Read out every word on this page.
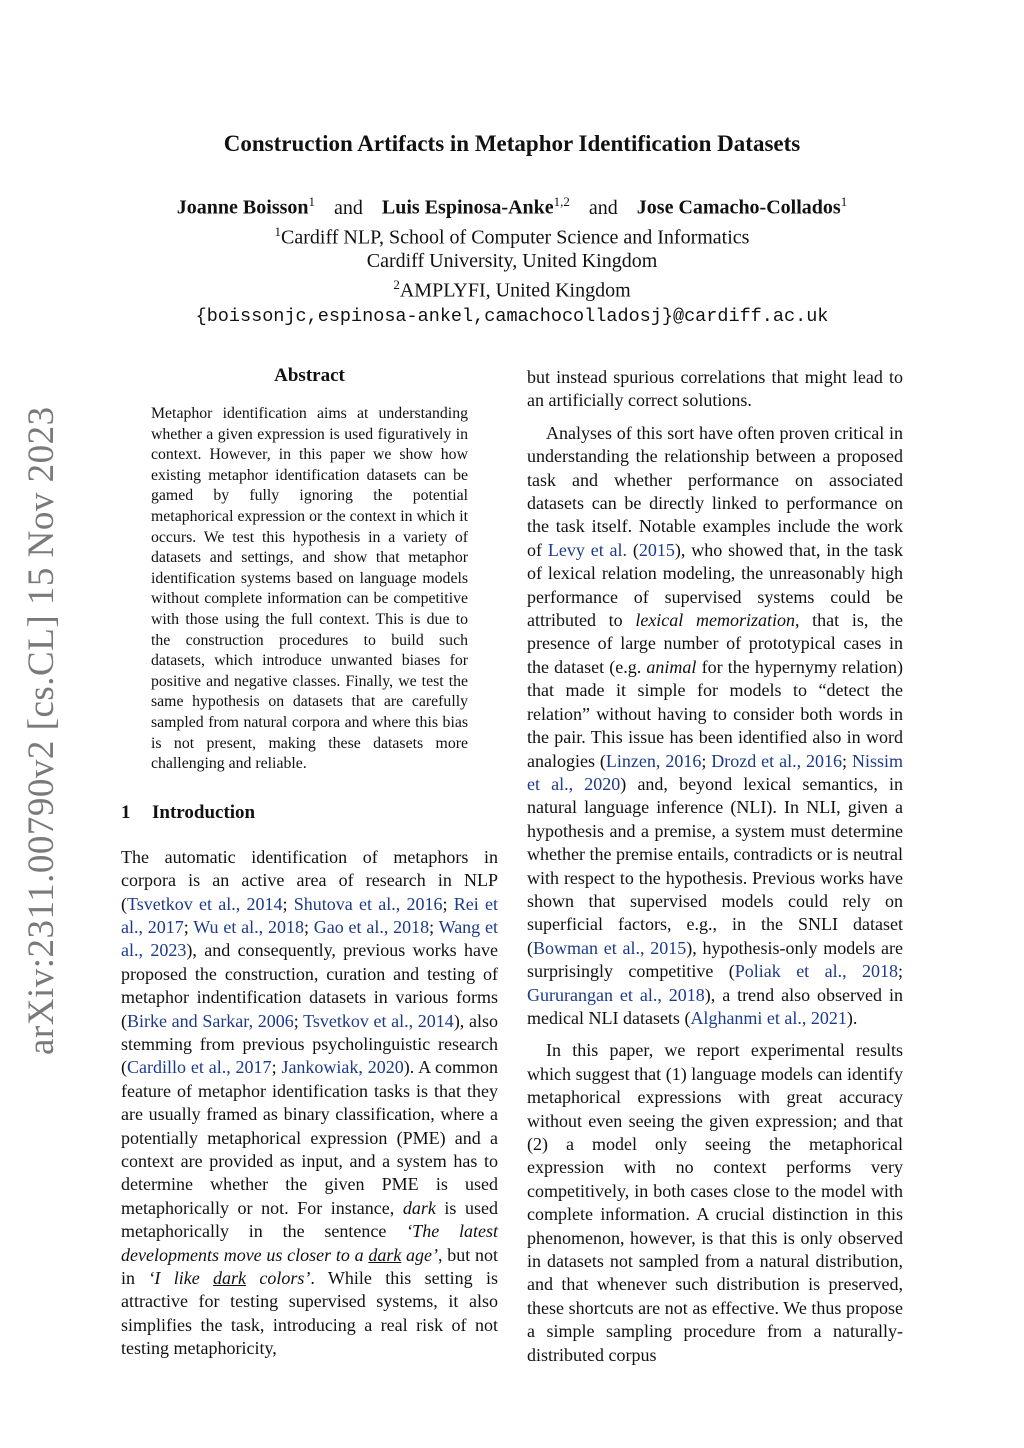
arXiv:2311.00790v2 [cs.CL] 15 Nov 2023
Construction Artifacts in Metaphor Identification Datasets
Joanne Boisson$^1$ and Luis Espinosa-Anke$^{1,2}$ and Jose Camacho-Collados$^1$
$^1$Cardiff NLP, School of Computer Science and Informatics
Cardiff University, United Kingdom
$^2$AMPLYFI, United Kingdom
{boissonjc,espinosa-ankel,camachocolladosj}@cardiff.ac.uk
Abstract
Metaphor identification aims at understanding whether a given expression is used figuratively in context. However, in this paper we show how existing metaphor identification datasets can be gamed by fully ignoring the potential metaphorical expression or the context in which it occurs. We test this hypothesis in a variety of datasets and settings, and show that metaphor identification systems based on language models without complete information can be competitive with those using the full context. This is due to the construction procedures to build such datasets, which introduce unwanted biases for positive and negative classes. Finally, we test the same hypothesis on datasets that are carefully sampled from natural corpora and where this bias is not present, making these datasets more challenging and reliable.
1 Introduction

The automatic identification of metaphors in corpora is an active area of research in NLP (Tsvetkov et al., 2014; Shutova et al., 2016; Rei et al., 2017; Wu et al., 2018; Gao et al., 2018; Wang et al., 2023), and consequently, previous works have proposed the construction, curation and testing of metaphor indentification datasets in various forms (Birke and Sarkar, 2006; Tsvetkov et al., 2014), also stemming from previous psycholinguistic research (Cardillo et al., 2017; Jankowiak, 2020). A common feature of metaphor identification tasks is that they are usually framed as binary classification, where a potentially metaphorical expression (PME) and a context are provided as input, and a system has to determine whether the given PME is used metaphorically or not. For instance, dark is used metaphorically in the sentence ‘The latest developments move us closer to a dark age’, but not in ‘I like dark colors’. While this setting is attractive for testing supervised systems, it also simplifies the task, introducing a real risk of not testing metaphoricity,

but instead spurious correlations that might lead to an artificially correct solutions.

Analyses of this sort have often proven critical in understanding the relationship between a proposed task and whether performance on associated datasets can be directly linked to performance on the task itself. Notable examples include the work of Levy et al. (2015), who showed that, in the task of lexical relation modeling, the unreasonably high performance of supervised systems could be attributed to lexical memorization, that is, the presence of large number of prototypical cases in the dataset (e.g. animal for the hypernymy relation) that made it simple for models to “detect the relation” without having to consider both words in the pair. This issue has been identified also in word analogies (Linzen, 2016; Drozd et al., 2016; Nissim et al., 2020) and, beyond lexical semantics, in natural language inference (NLI). In NLI, given a hypothesis and a premise, a system must determine whether the premise entails, contradicts or is neutral with respect to the hypothesis. Previous works have shown that supervised models could rely on superficial factors, e.g., in the SNLI dataset (Bowman et al., 2015), hypothesis-only models are surprisingly competitive (Poliak et al., 2018; Gururangan et al., 2018), a trend also observed in medical NLI datasets (Alghanmi et al., 2021).

In this paper, we report experimental results which suggest that (1) language models can identify metaphorical expressions with great accuracy without even seeing the given expression; and that (2) a model only seeing the metaphorical expression with no context performs very competitively, in both cases close to the model with complete information. A crucial distinction in this phenomenon, however, is that this is only observed in datasets not sampled from a natural distribution, and that whenever such distribution is preserved, these shortcuts are not as effective. We thus propose a simple sampling procedure from a naturally-distributed corpus
